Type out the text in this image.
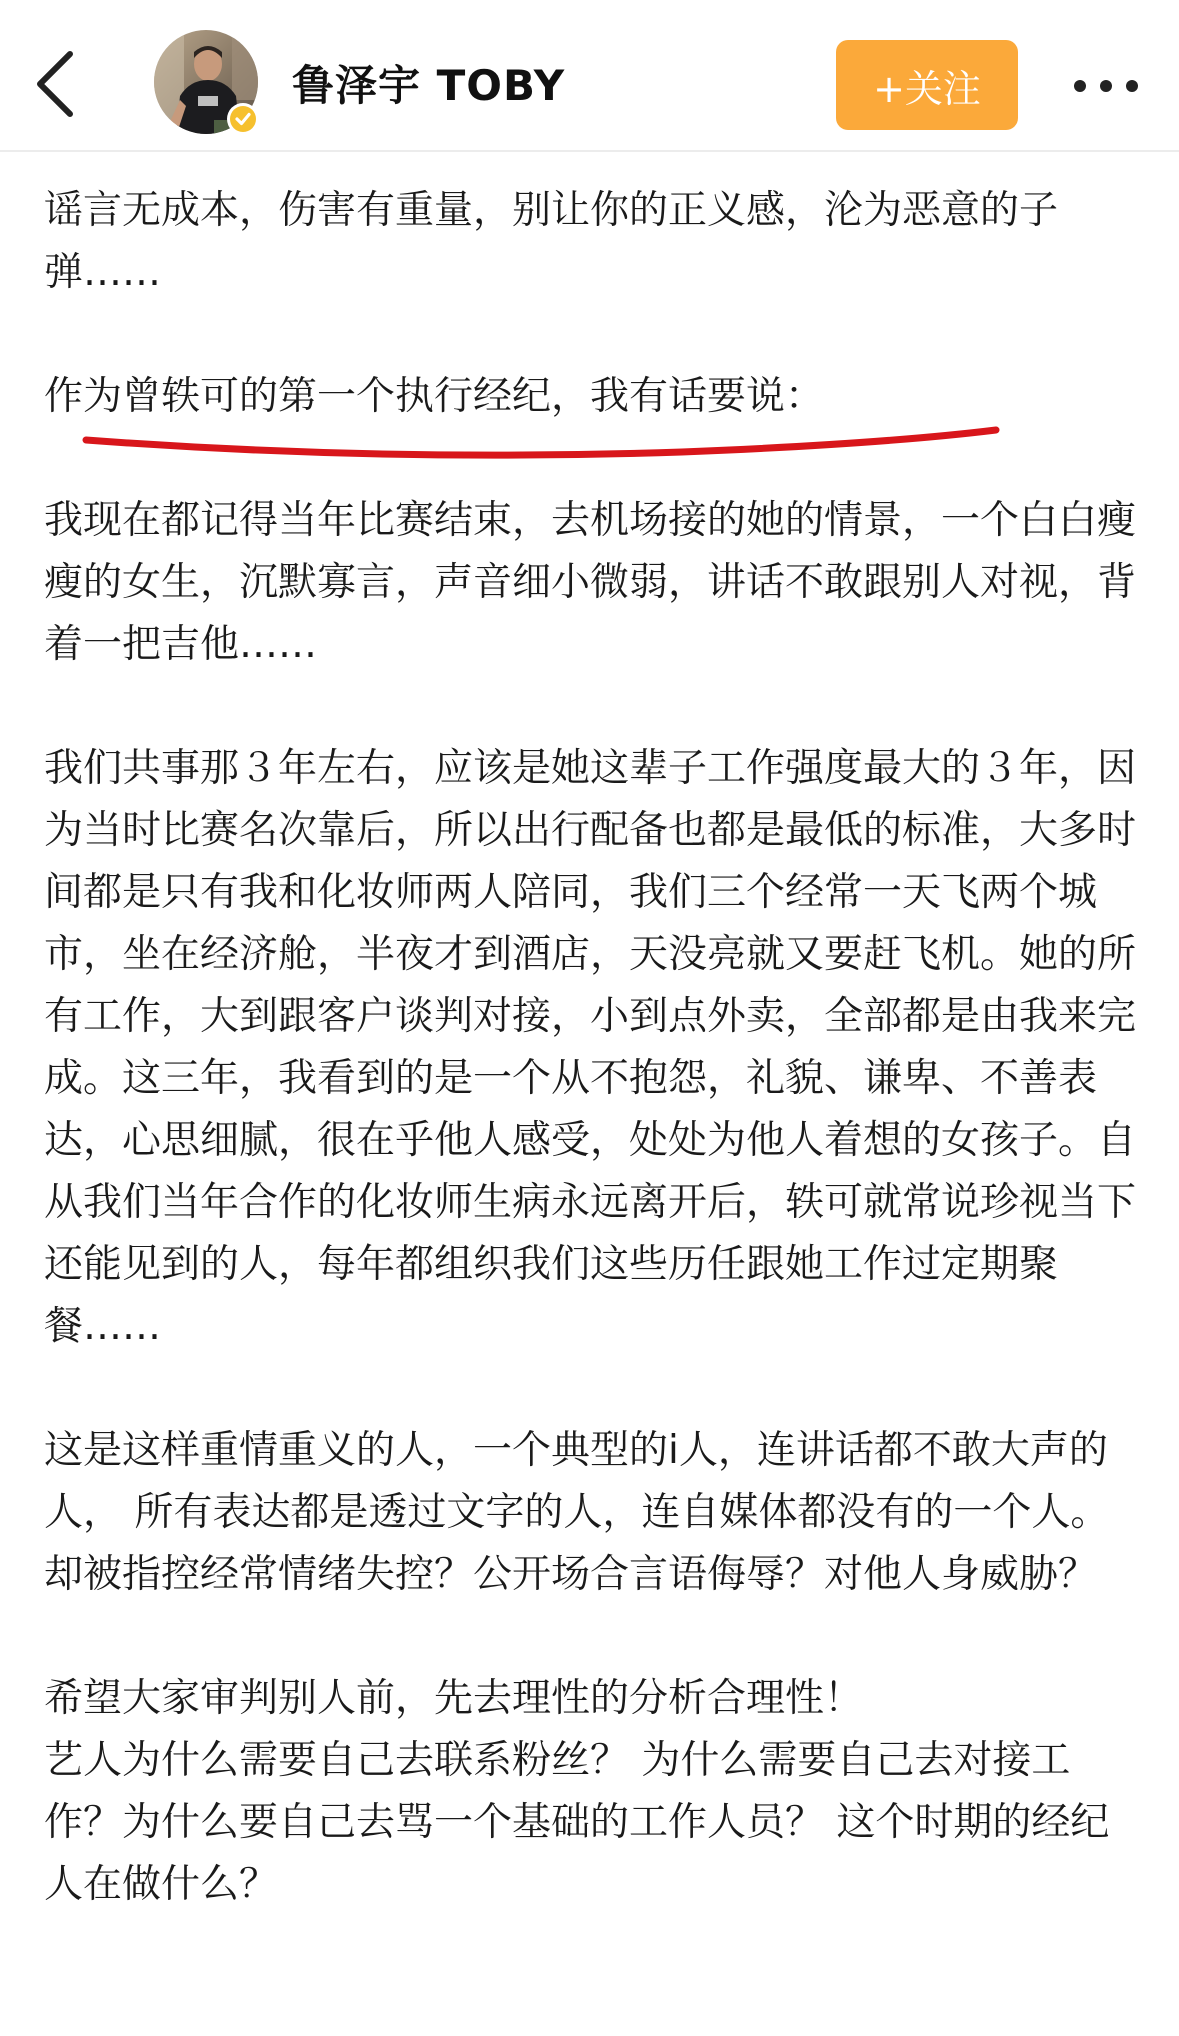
鲁泽宇 TOBY	+关注

谣言无成本，伤害有重量，别让你的正义感，沦为恶意的子弹……

作为曾轶可的第一个执行经纪，我有话要说：

我现在都记得当年比赛结束，去机场接的她的情景，一个白白瘦瘦的女生，沉默寡言，声音细小微弱，讲话不敢跟别人对视，背着一把吉他……

我们共事那３年左右，应该是她这辈子工作强度最大的３年，因为当时比赛名次靠后，所以出行配备也都是最低的标准，大多时间都是只有我和化妆师两人陪同，我们三个经常一天飞两个城市，坐在经济舱，半夜才到酒店，天没亮就又要赶飞机。她的所有工作，大到跟客户谈判对接，小到点外卖，全部都是由我来完成。这三年，我看到的是一个从不抱怨，礼貌、谦卑、不善表达，心思细腻，很在乎他人感受，处处为他人着想的女孩子。自从我们当年合作的化妆师生病永远离开后，轶可就常说珍视当下还能见到的人，每年都组织我们这些历任跟她工作过定期聚餐……

这是这样重情重义的人，一个典型的i人，连讲话都不敢大声的人， 所有表达都是透过文字的人，连自媒体都没有的一个人。 却被指控经常情绪失控？公开场合言语侮辱？对他人身威胁？

希望大家审判别人前，先去理性的分析合理性！

艺人为什么需要自己去联系粉丝？ 为什么需要自己去对接工作？为什么要自己去骂一个基础的工作人员？ 这个时期的经纪人在做什么？
